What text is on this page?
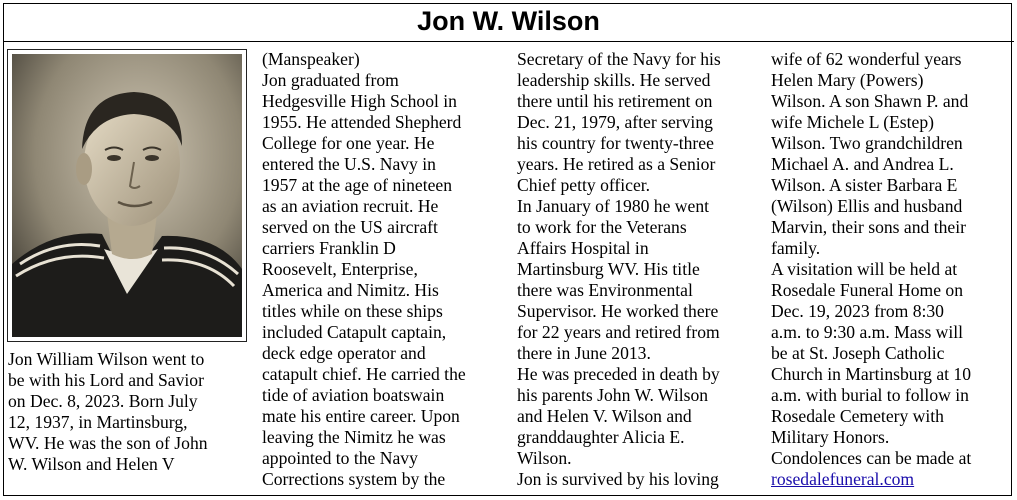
Jon W. Wilson

Jon William Wilson went to

be with his Lord and Savior

on Dec. 8, 2023. Born July

12, 1937, in Martinsburg,

WV. He was the son of John

W. Wilson and Helen V

(Manspeaker)

Jon graduated from

Hedgesville High School in

1955. He attended Shepherd

College for one year. He

entered the U.S. Navy in

1957 at the age of nineteen

as an aviation recruit. He

served on the US aircraft

carriers Franklin D

Roosevelt, Enterprise,

America and Nimitz. His

titles while on these ships

included Catapult captain,

deck edge operator and

catapult chief. He carried the

tide of aviation boatswain

mate his entire career. Upon

leaving the Nimitz he was

appointed to the Navy

Corrections system by the

Secretary of the Navy for his

leadership skills. He served

there until his retirement on

Dec. 21, 1979, after serving

his country for twenty-three

years. He retired as a Senior

Chief petty officer.

In January of 1980 he went

to work for the Veterans

Affairs Hospital in

Martinsburg WV. His title

there was Environmental

Supervisor. He worked there

for 22 years and retired from

there in June 2013.

He was preceded in death by

his parents John W. Wilson

and Helen V. Wilson and

granddaughter Alicia E.

Wilson.

Jon is survived by his loving

wife of 62 wonderful years

Helen Mary (Powers)

Wilson. A son Shawn P. and

wife Michele L (Estep)

Wilson. Two grandchildren

Michael A. and Andrea L.

Wilson. A sister Barbara E

(Wilson) Ellis and husband

Marvin, their sons and their

family.

A visitation will be held at

Rosedale Funeral Home on

Dec. 19, 2023 from 8:30

a.m. to 9:30 a.m. Mass will

be at St. Joseph Catholic

Church in Martinsburg at 10

a.m. with burial to follow in

Rosedale Cemetery with

Military Honors.

Condolences can be made at

rosedalefuneral.com
